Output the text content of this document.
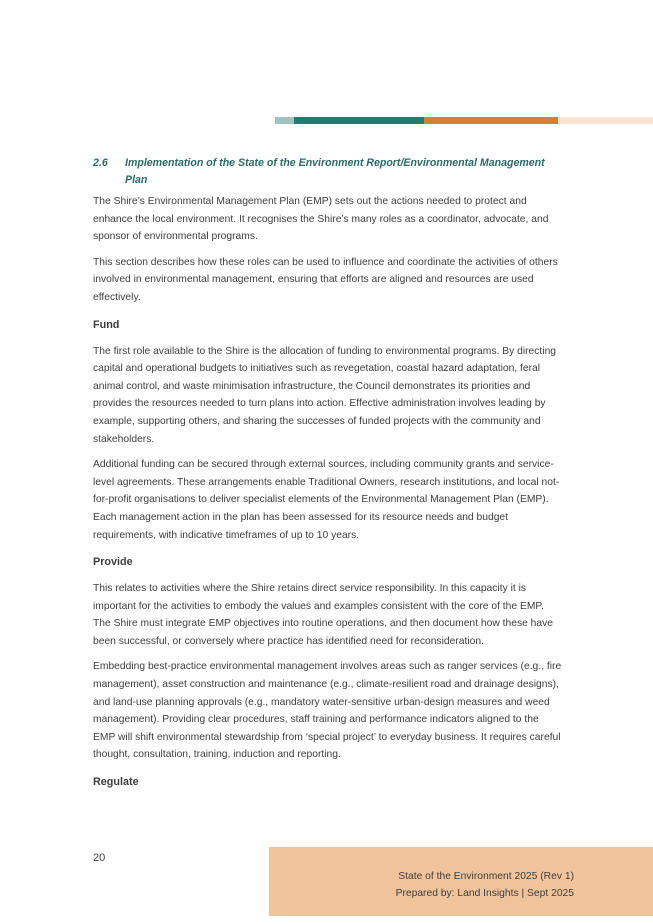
2.6	Implementation of the State of the Environment Report/Environmental Management Plan

The Shire’s Environmental Management Plan (EMP) sets out the actions needed to protect and enhance the local environment. It recognises the Shire’s many roles as a coordinator, advocate, and sponsor of environmental programs.

This section describes how these roles can be used to influence and coordinate the activities of others involved in environmental management, ensuring that efforts are aligned and resources are used effectively.

Fund

The first role available to the Shire is the allocation of funding to environmental programs. By directing capital and operational budgets to initiatives such as revegetation, coastal hazard adaptation, feral animal control, and waste minimisation infrastructure, the Council demonstrates its priorities and provides the resources needed to turn plans into action. Effective administration involves leading by example, supporting others, and sharing the successes of funded projects with the community and stakeholders.

Additional funding can be secured through external sources, including community grants and service-level agreements. These arrangements enable Traditional Owners, research institutions, and local not-for-profit organisations to deliver specialist elements of the Environmental Management Plan (EMP). Each management action in the plan has been assessed for its resource needs and budget requirements, with indicative timeframes of up to 10 years.

Provide

This relates to activities where the Shire retains direct service responsibility. In this capacity it is important for the activities to embody the values and examples consistent with the core of the EMP. The Shire must integrate EMP objectives into routine operations, and then document how these have been successful, or conversely where practice has identified need for reconsideration.

Embedding best-practice environmental management involves areas such as ranger services (e.g., fire management), asset construction and maintenance (e.g., climate-resilient road and drainage designs), and land-use planning approvals (e.g., mandatory water-sensitive urban-design measures and weed management). Providing clear procedures, staff training and performance indicators aligned to the EMP will shift environmental stewardship from ‘special project’ to everyday business. It requires careful thought, consultation, training, induction and reporting.

Regulate
20
State of the Environment 2025 (Rev 1)
Prepared by: Land Insights | Sept 2025
